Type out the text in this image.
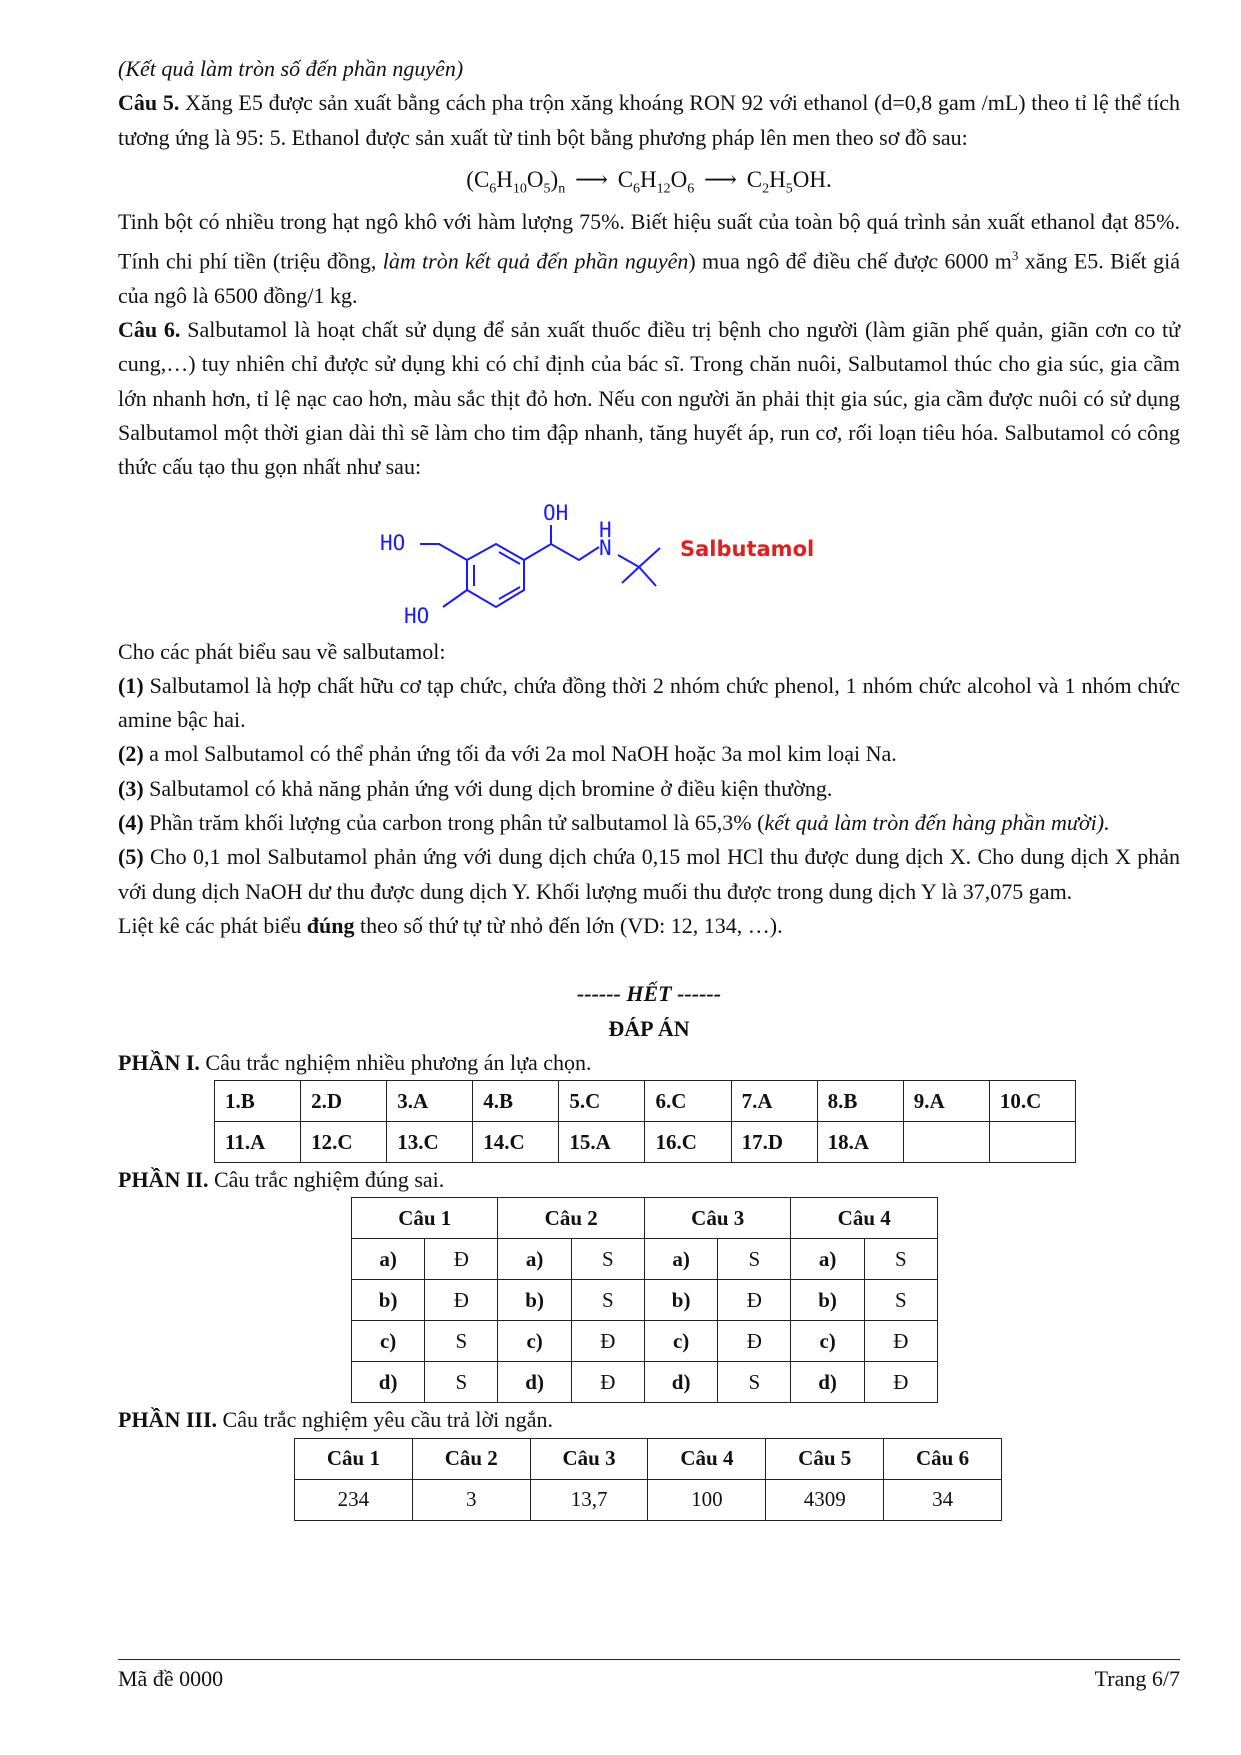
(Kết quả làm tròn số đến phần nguyên)

Câu 5. Xăng E5 được sản xuất bằng cách pha trộn xăng khoáng RON 92 với ethanol (d=0,8 gam /mL) theo tỉ lệ thể tích tương ứng là 95: 5. Ethanol được sản xuất từ tinh bột bằng phương pháp lên men theo sơ đồ sau:

$(C_6H_{10}O_5)_n$ ⟶ $C_6H_{12}O_6$ ⟶ $C_2H_5OH$.

Tinh bột có nhiều trong hạt ngô khô với hàm lượng 75%. Biết hiệu suất của toàn bộ quá trình sản xuất ethanol đạt 85%. Tính chi phí tiền (triệu đồng, làm tròn kết quả đến phần nguyên) mua ngô để điều chế được 6000 $m^3$ xăng E5. Biết giá của ngô là 6500 đồng/1 kg.

Câu 6. Salbutamol là hoạt chất sử dụng để sản xuất thuốc điều trị bệnh cho người (làm giãn phế quản, giãn cơn co tử cung,…) tuy nhiên chỉ được sử dụng khi có chỉ định của bác sĩ. Trong chăn nuôi, Salbutamol thúc cho gia súc, gia cầm lớn nhanh hơn, tỉ lệ nạc cao hơn, màu sắc thịt đỏ hơn. Nếu con người ăn phải thịt gia súc, gia cầm được nuôi có sử dụng Salbutamol một thời gian dài thì sẽ làm cho tim đập nhanh, tăng huyết áp, run cơ, rối loạn tiêu hóa. Salbutamol có công thức cấu tạo thu gọn nhất như sau:

OH
H
N
HO
HO
Salbutamol

Cho các phát biểu sau về salbutamol:

(1) Salbutamol là hợp chất hữu cơ tạp chức, chứa đồng thời 2 nhóm chức phenol, 1 nhóm chức alcohol và 1 nhóm chức amine bậc hai.

(2) a mol Salbutamol có thể phản ứng tối đa với 2a mol NaOH hoặc 3a mol kim loại Na.

(3) Salbutamol có khả năng phản ứng với dung dịch bromine ở điều kiện thường.

(4) Phần trăm khối lượng của carbon trong phân tử salbutamol là 65,3% (kết quả làm tròn đến hàng phần mười).

(5) Cho 0,1 mol Salbutamol phản ứng với dung dịch chứa 0,15 mol HCl thu được dung dịch X. Cho dung dịch X phản với dung dịch NaOH dư thu được dung dịch Y. Khối lượng muối thu được trong dung dịch Y là 37,075 gam.

Liệt kê các phát biểu đúng theo số thứ tự từ nhỏ đến lớn (VD: 12, 134, …).

------ HẾT ------

ĐÁP ÁN

PHẦN I. Câu trắc nghiệm nhiều phương án lựa chọn.

1.B	2.D	3.A	4.B	5.C	6.C	7.A	8.B	9.A	10.C
11.A	12.C	13.C	14.C	15.A	16.C	17.D	18.A		

PHẦN II. Câu trắc nghiệm đúng sai.

Câu 1		Câu 2		Câu 3		Câu 4	
a)	Đ	a)	S	a)	S	a)	S
b)	Đ	b)	S	b)	Đ	b)	S
c)	S	c)	Đ	c)	Đ	c)	Đ
d)	S	d)	Đ	d)	S	d)	Đ

PHẦN III. Câu trắc nghiệm yêu cầu trả lời ngắn.

Câu 1	Câu 2	Câu 3	Câu 4	Câu 5	Câu 6
234	3	13,7	100	4309	34
Mã đề 0000	Trang 6/7
